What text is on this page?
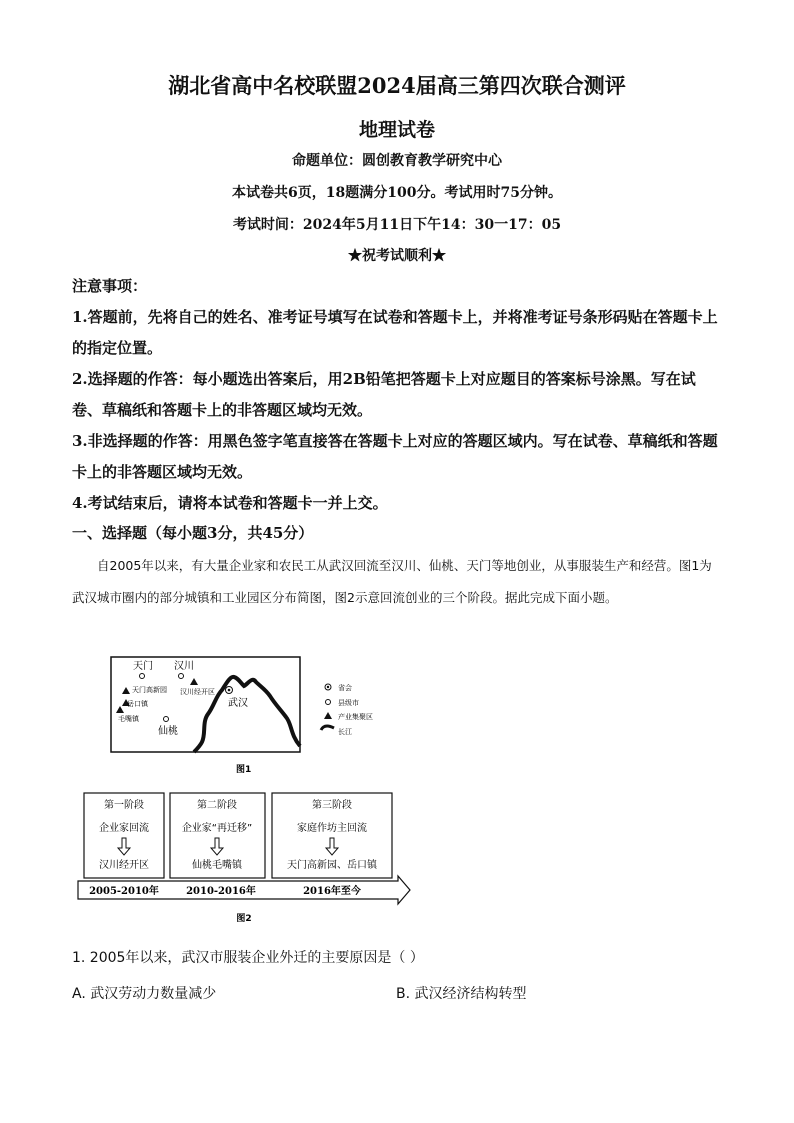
湖北省高中名校联盟2024届高三第四次联合测评
地理试卷
命题单位：圆创教育教学研究中心
本试卷共6页，18题满分100分。考试用时75分钟。
考试时间：2024年5月11日下午14：30一17：05
★祝考试顺利★
注意事项：
1.答题前，先将自己的姓名、准考证号填写在试卷和答题卡上，并将准考证号条形码贴在答题卡上的指定位置。
2.选择题的作答：每小题选出答案后，用2B铅笔把答题卡上对应题目的答案标号涂黑。写在试卷、草稿纸和答题卡上的非答题区域均无效。
3.非选择题的作答：用黑色签字笔直接答在答题卡上对应的答题区域内。写在试卷、草稿纸和答题卡上的非答题区域均无效。
4.考试结束后，请将本试卷和答题卡一并上交。
一、选择题（每小题3分，共45分）
自2005年以来，有大量企业家和农民工从武汉回流至汉川、仙桃、天门等地创业，从事服装生产和经营。图1为武汉城市圈内的部分城镇和工业园区分布简图，图2示意回流创业的三个阶段。据此完成下面小题。
天门 汉川
天门高新园 汉川经开区
岳口镇
毛嘴镇
武汉
仙桃
省会
县级市
产业集聚区
长江
图1
第一阶段
企业家回流
汉川经开区
第二阶段
企业家“再迁移”
仙桃毛嘴镇
第三阶段
家庭作坊主回流
天门高新园、岳口镇
2005-2010年	2010-2016年	2016年至今
图2
1. 2005年以来，武汉市服装企业外迁的主要原因是（ ）
A. 武汉劳动力数量减少	B. 武汉经济结构转型
